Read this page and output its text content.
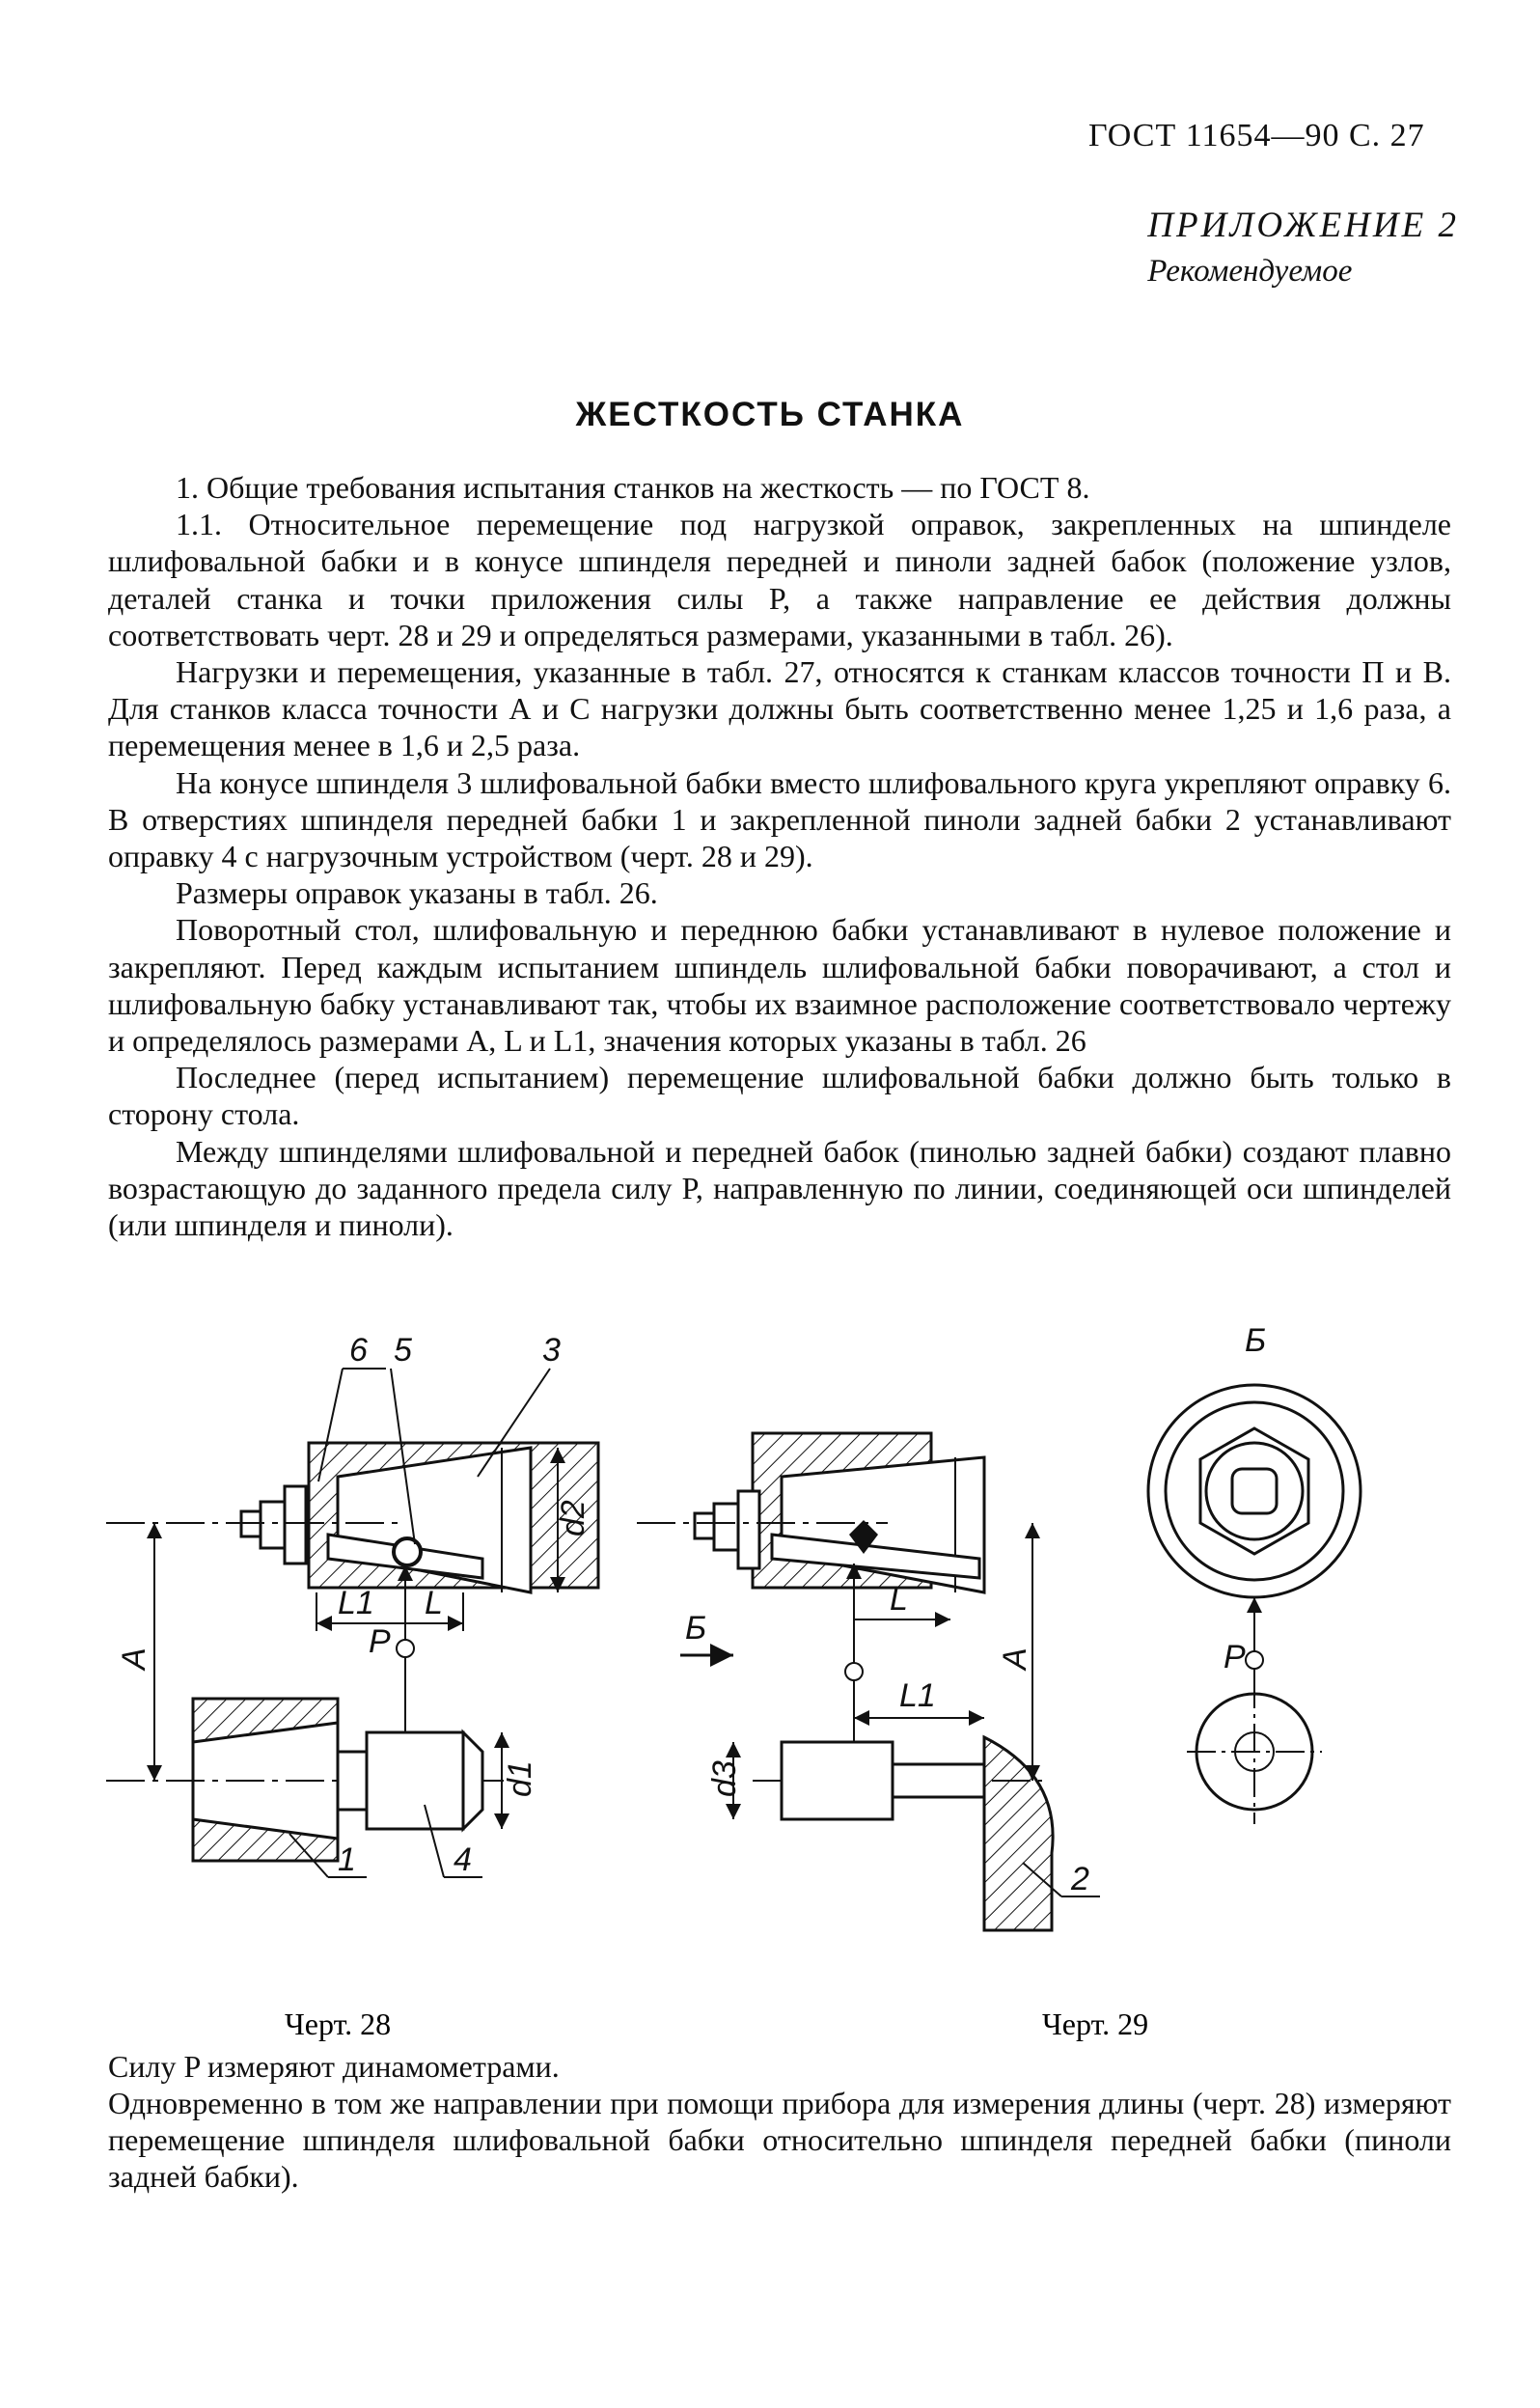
ГОСТ 11654—90 С. 27
ПРИЛОЖЕНИЕ 2
Рекомендуемое
ЖЕСТКОСТЬ СТАНКА

1. Общие требования испытания станков на жесткость — по ГОСТ 8.

1.1. Относительное перемещение под нагрузкой оправок, закрепленных на шпинделе шлифовальной бабки и в конусе шпинделя передней и пиноли задней бабок (положение узлов, деталей станка и точки приложения силы P, а также направление ее действия должны соответствовать черт. 28 и 29 и определяться размерами, указанными в табл. 26).

Нагрузки и перемещения, указанные в табл. 27, относятся к станкам классов точности П и В. Для станков класса точности А и С нагрузки должны быть соответственно менее 1,25 и 1,6 раза, а перемещения менее в 1,6 и 2,5 раза.

На конусе шпинделя 3 шлифовальной бабки вместо шлифовального круга укрепляют оправку 6. В отверстиях шпинделя передней бабки 1 и закрепленной пиноли задней бабки 2 устанавливают оправку 4 с нагрузочным устройством (черт. 28 и 29).

Размеры оправок указаны в табл. 26.

Поворотный стол, шлифовальную и переднюю бабки устанавливают в нулевое положение и закрепляют. Перед каждым испытанием шпиндель шлифовальной бабки поворачивают, а стол и шлифовальную бабку устанавливают так, чтобы их взаимное расположение соответствовало чертежу и определялось размерами A, L и L1, значения которых указаны в табл. 26

Последнее (перед испытанием) перемещение шлифовальной бабки должно быть только в сторону стола.

Между шпинделями шлифовальной и передней бабок (пинолью задней бабки) создают плавно возрастающую до заданного предела силу P, направленную по линии, соединяющей оси шпинделей (или шпинделя и пиноли).

6 5	3
d2
P
L1 L
A
d1
1	4
L
L1
Б
A
d3
2
Б
P
Черт. 28	Черт. 29

Силу P измеряют динамометрами.

Одновременно в том же направлении при помощи прибора для измерения длины (черт. 28) измеряют перемещение шпинделя шлифовальной бабки относительно шпинделя передней бабки (пиноли задней бабки).
